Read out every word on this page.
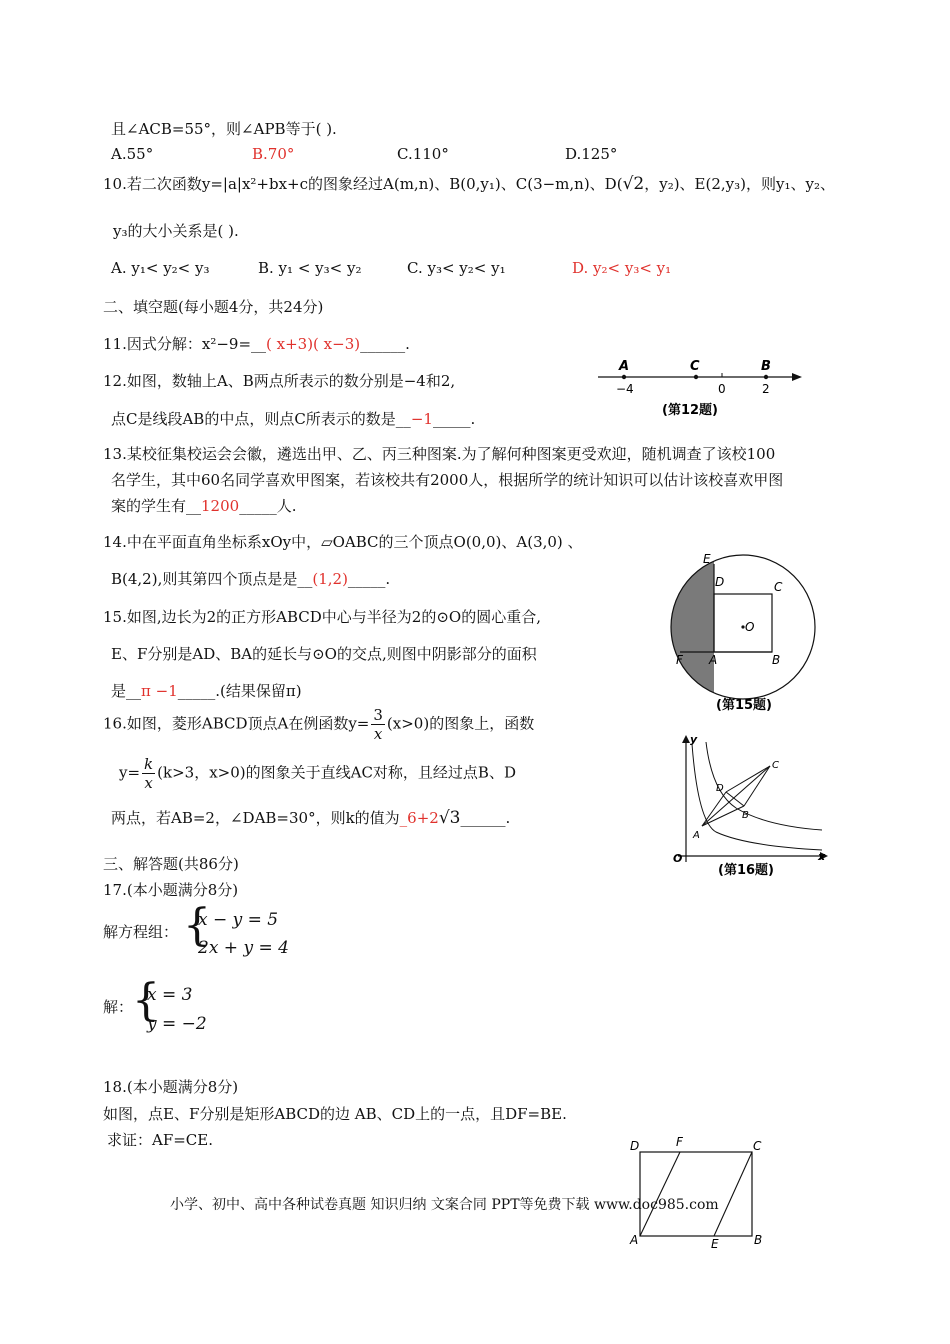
且∠ACB=55°，则∠APB等于( ).
A.55°	B.70°	C.110°	D.125°
10.若二次函数y=|a|x²+bx+c的图象经过A(m,n)、B(0,y₁)、C(3−m,n)、D(√2，y₂)、E(2,y₃)，则y₁、y₂、
y₃的大小关系是( ).
A. y₁< y₂< y₃	B. y₁ < y₃< y₂	C. y₃< y₂< y₁	D. y₂< y₃< y₁
二、填空题(每小题4分，共24分)
11.因式分解：x²−9=__( x+3)( x−3)______.
12.如图，数轴上A、B两点所表示的数分别是−4和2,
点C是线段AB的中点，则点C所表示的数是__−1_____.
A	C	B
−4	0	2
(第12题)
13.某校征集校运会会徽，遴选出甲、乙、丙三种图案.为了解何种图案更受欢迎，随机调查了该校100
名学生，其中60名同学喜欢甲图案，若该校共有2000人，根据所学的统计知识可以估计该校喜欢甲图
案的学生有__1200_____人.
14.中在平面直角坐标系xOy中，▱OABC的三个顶点O(0,0)、A(3,0) 、
B(4,2),则其第四个顶点是是__(1,2)_____.
15.如图,边长为2的正方形ABCD中心与半径为2的⊙O的圆心重合,
E、F分别是AD、BA的延长与⊙O的交点,则图中阴影部分的面积
是__π −1_____.(结果保留π)
E
D	C
O
F A	B
(第15题)
16.如图，菱形ABCD顶点A在例函数$y= \frac{3}{x} (x>0)$的图象上，函数
$y= \frac{k}{x} (k>3$，x>0)的图象关于直线AC对称，且经过点B、D
两点，若AB=2，∠DAB=30°，则k的值为_6+2√3______.
y
x
O
A
B
C
D
(第16题)
三、解答题(共86分)
17.(本小题满分8分)
解方程组： {
x − y = 5
2x + y = 4
解：
{
x = 3
y = −2
18.(本小题满分8分)
如图，点E、F分别是矩形ABCD的边 AB、CD上的一点，且DF=BE.
求证：AF=CE.	D	F	C
A	E	B
小学、初中、高中各种试卷真题 知识归纳 文案合同 PPT等免费下载 www.doc985.com
